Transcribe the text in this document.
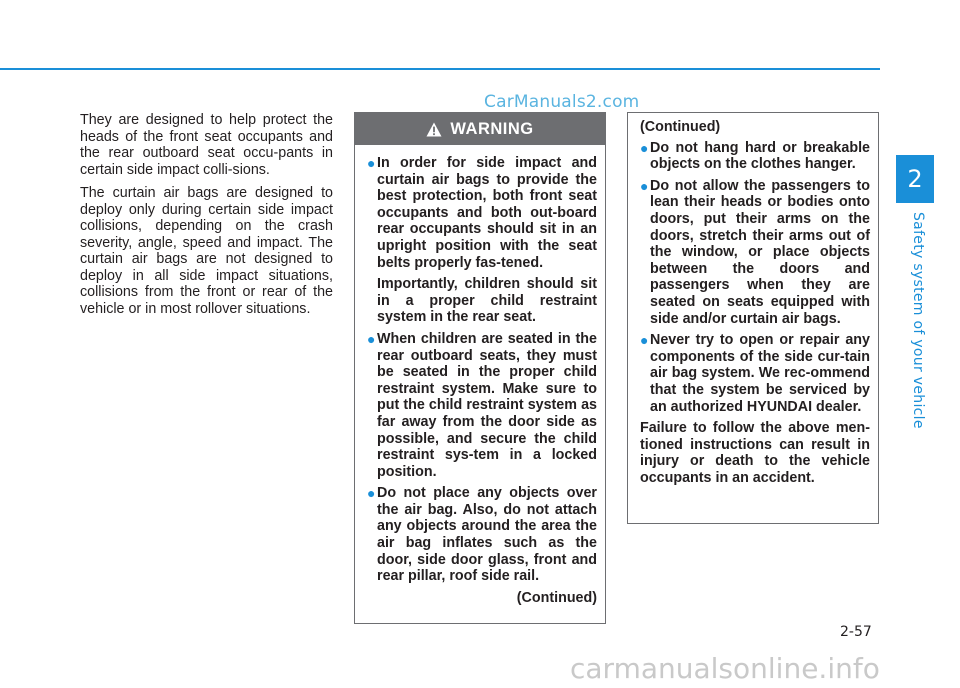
CarManuals2.com

They are designed to help protect the heads of the front seat occupants and the rear outboard seat occu-pants in certain side impact colli-sions.

The curtain air bags are designed to deploy only during certain side impact collisions, depending on the crash severity, angle, speed and impact. The curtain air bags are not designed to deploy in all side impact situations, collisions from the front or rear of the vehicle or in most rollover situations.

WARNING
● In order for side impact and curtain air bags to provide the best protection, both front seat occupants and both out-board rear occupants should sit in an upright position with the seat belts properly fas-tened.

Importantly, children should sit in a proper child restraint system in the rear seat.

● When children are seated in the rear outboard seats, they must be seated in the proper child restraint system. Make sure to put the child restraint system as far away from the door side as possible, and secure the child restraint sys-tem in a locked position.
● Do not place any objects over the air bag. Also, do not attach any objects around the area the air bag inflates such as the door, side door glass, front and rear pillar, roof side rail.
(Continued)

(Continued)

● Do not hang hard or breakable objects on the clothes hanger.
● Do not allow the passengers to lean their heads or bodies onto doors, put their arms on the doors, stretch their arms out of the window, or place objects between the doors and passengers when they are seated on seats equipped with side and/or curtain air bags.
● Never try to open or repair any components of the side cur-tain air bag system. We rec-ommend that the system be serviced by an authorized HYUNDAI dealer.

Failure to follow the above men-tioned instructions can result in injury or death to the vehicle occupants in an accident.

2
Safety system of your vehicle
2-57
carmanualsonline.info
